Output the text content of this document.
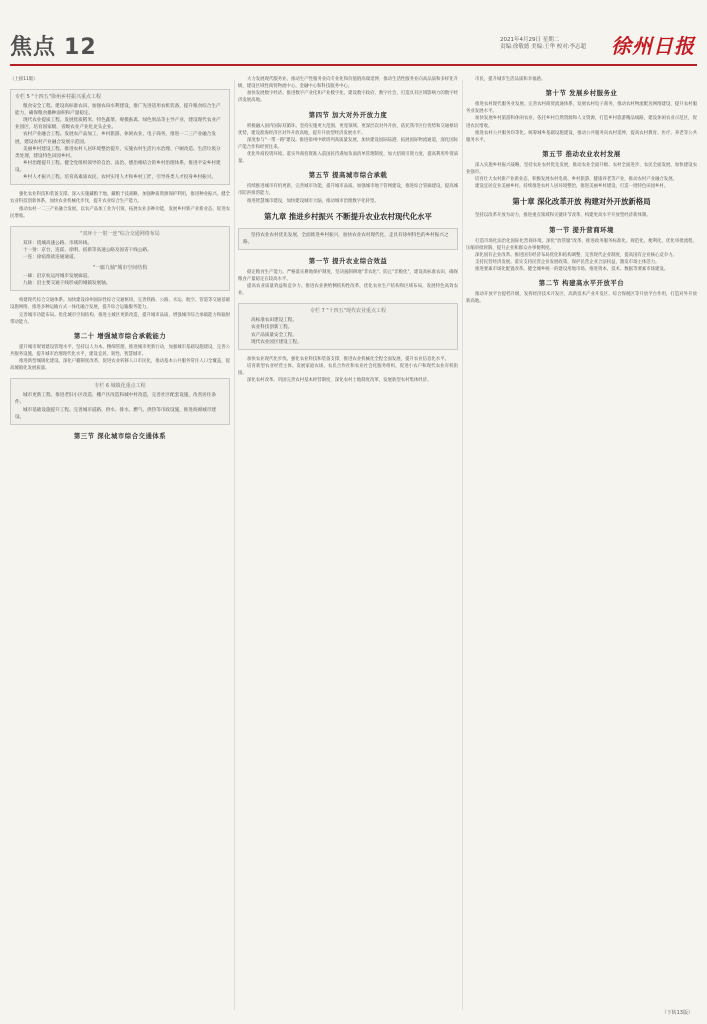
焦点 12	2021年4月29日 星期二
责编:徐敬德 美编:王华 校对:李志超	徐州日报
（上接11版）
专栏 5 "十四五"徐州乡村振兴重点工程

粮食安全工程。建设高标准农田，加强农田水利建设，推广先进适用农机装备，提升粮食综合生产能力，确保粮食播种面积和产量稳定。

现代农业提质工程。发展优质稻米、特色蔬菜、规模畜禽、绿色果品等主导产业，建设现代农业产业园区，培育国家级、省级农业产业化龙头企业。

农村产业融合工程。发展农产品加工、乡村旅游、休闲农业、电子商务，推进一二三产业融合发展，建设农村产业融合发展示范园。

美丽乡村建设工程。推进农村人居环境整治提升，实施农村生活污水治理、户厕改造、生活垃圾分类处理，建设特色田园乡村。

乡村治理提升工程。健全党组织领导的自治、法治、德治相结合的乡村治理体系，推进平安乡村建设。

乡村人才振兴工程。培育高素质农民、农村实用人才和乡村工匠，引导各类人才投身乡村振兴。

强化农业科技和装备支撑。深入实施藏粮于地、藏粮于技战略，加强种质资源保护利用，推进种业振兴。健全农业科技创新体系，加快农业机械化步伐，提升农业综合生产能力。

推动农村一二三产业融合发展。以农产品加工业为引领，拓展农业多种功能，发展乡村新产业新业态，促进农民增收。

"双环十一射一连"综合交通网络布局

双环：绕城高速公路、市域环线。

十一射：京台、连霍、徐明、宿新等高速公路及国省干线公路。

一连：徐宿淮盐连通通道。

"一廊九轴"城市空间结构

一廊：沿京杭运河城市发展廊道。

九轴：沿主要交通干线形成的城镇发展轴。

构建现代综合交通体系。加快建设徐州国际性综合交通枢纽，完善铁路、公路、水运、航空、管道等交通基础设施网络，推进多种运输方式一体化融合发展，提升综合运输服务能力。

完善城市功能布局。优化城市空间结构，推进主城区更新改造，提升城市品质，增强城市综合承载能力和辐射带动能力。

第二十 增强城市综合承载能力

提升城市规划建设管理水平，坚持以人为本、精细管理，推进城市更新行动，加强城市基础设施建设，完善公共服务设施，提升城市治理现代化水平，建设宜居、韧性、智慧城市。

推进新型城镇化建设。深化户籍制度改革，促进农业转移人口市民化，推动基本公共服务常住人口全覆盖，提高城镇化发展质量。

专栏 6 城镇化重点工程

城市更新工程。推进老旧小区改造、棚户区改造和城中村改造，完善社区配套设施，改善居住条件。

城市基础设施提升工程。完善城市道路、供水、排水、燃气、供热等市政设施，推进海绵城市建设。

第三节 深化城市综合交通体系

大力发展现代服务业。推动生产性服务业向专业化和价值链高端延伸，推动生活性服务业向高品质和多样化升级，建设区域性商贸物流中心、金融中心和科技服务中心。

加快发展数字经济。推进数字产业化和产业数字化，建设数字政府、数字社会，打造具有区域影响力的数字经济发展高地。

第四节 加大对外开放力度

积极融入国内国际双循环。坚持实施更大范围、更宽领域、更深层次对外开放，依托我市区位优势和交通枢纽优势，建设淮海经济区对外开放高地，提升开放型经济发展水平。

深度参与"一带一路"建设。推进徐州中欧班列高质量发展，加快建设国际陆港，拓展国际物流通道，深化国际产能合作和经贸往来。

优化外商投资环境。落实外商投资准入前国民待遇加负面清单管理制度，加大招商引资力度，提高利用外资质量。

第五节 提高城市综合承载

持续推进城市有机更新，完善城市功能，提升城市品质。加强城市地下管网建设，推进综合管廊建设，提高城市防洪排涝能力。

推进智慧城市建设，加快建设城市大脑，推动城市治理数字化转型。

第九章 推进乡村振兴 不断提升农业农村现代化水平

坚持农业农村优先发展，全面推进乡村振兴，加快农业农村现代化，走具有徐州特色的乡村振兴之路。

第一节 提升农业综合效益

稳定粮食生产能力。严格落实耕地保护制度，坚决遏制耕地"非农化"、防止"非粮化"，建设高标准农田，确保粮食产量稳定在较高水平。

提高农业质量效益和竞争力。推进农业供给侧结构性改革，优化农业生产结构和区域布局，发展特色高效农业。

专栏 7 "十四五"现代农业重点工程

高标准农田建设工程。

农业科技创新工程。

农产品质量安全工程。

现代农业园区建设工程。

加快农业现代化步伐。强化农业科技和装备支撑，推进农业机械化全程全面发展，提升农业信息化水平。

培育新型农业经营主体。发展家庭农场、农民合作社和农业社会化服务组织，促进小农户和现代农业有机衔接。

深化农村改革。巩固完善农村基本经营制度，深化农村土地制度改革，发展新型农村集体经济。

市民，提升城市生活品质和幸福感。

第十节 发展乡村服务业

推进农村现代服务业发展。完善农村商贸流通体系，发展农村电子商务，推动农村物流配送网络建设，提升农村服务业发展水平。

加快发展乡村旅游和休闲农业。依托乡村自然资源和人文资源，打造乡村旅游精品线路，建设休闲农业示范区，促进农民增收。

推进农村公共服务均等化。统筹城乡基础设施建设，推动公共服务向农村延伸，提高农村教育、医疗、养老等公共服务水平。

第五节 推动农业农村发展

深入实施乡村振兴战略，坚持农业农村优先发展，推动农业全面升级、农村全面进步、农民全面发展，加快建设农业强市。

培育壮大农村新产业新业态，积极发展农村电商、乡村旅游、健康养老等产业，推动农村产业融合发展。

建设宜居宜业美丽乡村。持续推进农村人居环境整治，推进美丽乡村建设，打造一批特色田园乡村。

第十章 深化改革开放 构建对外开放新格局

坚持以改革开放为动力，推进重点领域和关键环节改革，构建更高水平开放型经济新体制。

第一节 提升营商环境

打造市场化法治化国际化营商环境。深化"放管服"改革，推进政务服务标准化、规范化、便利化，优化审批流程，压缩审批时限，提升企业和群众办事便利度。

深化国有企业改革。推进国有经济布局优化和结构调整，完善现代企业制度，提高国有企业核心竞争力。

支持民营经济发展。落实支持民营企业发展政策，保护民营企业合法权益，激发市场主体活力。

推进要素市场化配置改革。健全城乡统一的建设用地市场，推进资本、技术、数据等要素市场建设。

第二节 构建高水平开放平台

推动开放平台提档升级，发挥经济技术开发区、高新技术产业开发区、综合保税区等开放平台作用，打造对外开放新高地。

（下转13版）
